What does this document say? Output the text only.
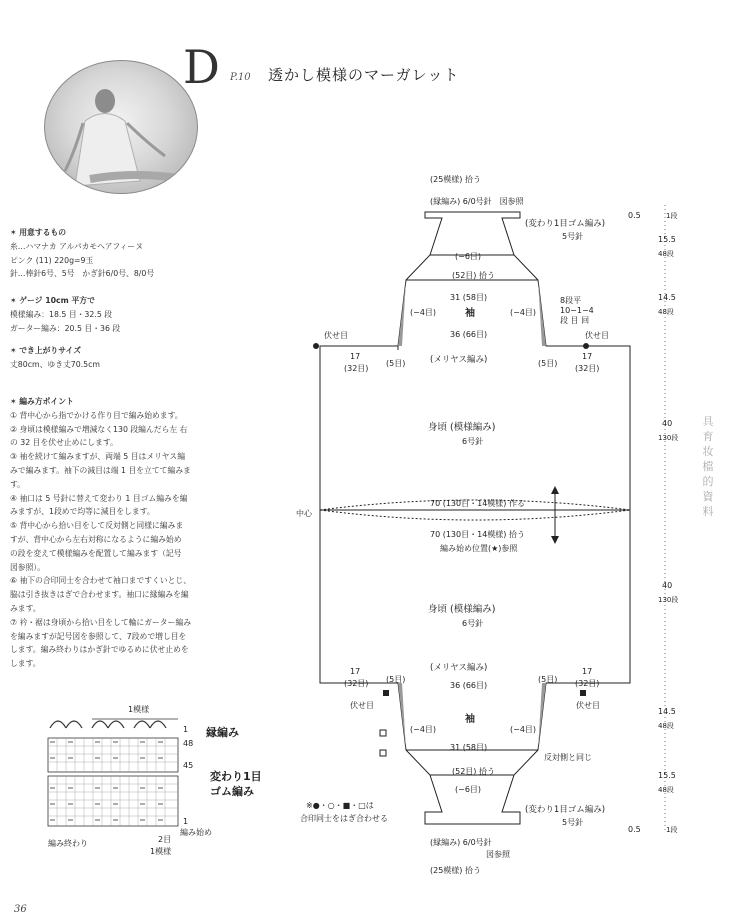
D P.10 透かし模様のマーガレット
✶ 用意するもの
糸…ハマナカ アルパカモヘアフィーヌ
ピンク (11) 220g=9玉
針…棒針6号、5号　かぎ針6/0号、8/0号
✶ ゲージ 10cm 平方で
模様編み：18.5 目・32.5 段
ガーター編み：20.5 目・36 段
✶ でき上がりサイズ
丈80cm、ゆき丈70.5cm
✶ 編み方ポイント
① 背中心から指でかける作り目で編み始めます。
② 身頃は模様編みで増減なく130 段編んだら左 右
の 32 目を伏せ止めにします。
③ 袖を続けて編みますが、両端 5 目はメリヤス編
みで編みます。袖下の減目は端 1 目を立てて編みま
す。
④ 袖口は 5 号針に替えて変わり 1 目ゴム編みを編
みますが、1段めで均等に減目をします。
⑤ 背中心から拾い目をして反対側と同様に編みま
すが、背中心から左右対称になるように編み始め
の段を変えて模様編みを配置して編みます（記号
図参照）。
⑥ 袖下の合印同士を合わせて袖口まですくいとじ、
脇は引き抜きはぎで合わせます。袖口に縁編みを編
みます。
⑦ 衿・裾は身頃から拾い目をして輪にガーター編み
を編みますが記号図を参照して、7段めで増し目を
します。編み終わりはかぎ針でゆるめに伏せ止めを
します。
1模様
1
48
45
1
縁編み
変わり1目
ゴム編み
編み始め
編み終わり	2目
1模様
(25模様) 拾う
(縁編み) 6/0号針　図参照
(変わり1目ゴム編み)
5号針
(−6目)
(52目) 拾う
31 (58目)	8段平
10−1−4
段 目 回
(−4目)	(−4目)
袖
36 (66目)
伏せ目	伏せ目
17
(32目)
(5目)	(メリヤス編み)	(5目)
17
(32目)
身頃 (模様編み)
6号針
中心
70 (130目・14模様) 作る
70 (130目・14模様) 拾う
編み始め位置(★)参照
身頃 (模様編み)
6号針
(メリヤス編み)
17
(32目) (5目)
36 (66目)
(5目)
17
(32目)
伏せ目	伏せ目
袖
(−4目)	(−4目)
31 (58目)
反対側と同じ
(52目) 拾う
(−6目)
(変わり1目ゴム編み)
5号針
(縁編み) 6/0号針
図参照
(25模様) 拾う
※●・○・■・□は
合印同士をはぎ合わせる
0.5	1段
15.5
48段
14.5
48段
40
130段
40
130段
14.5
48段
15.5
48段
0.5	1段
具育妆檔的資料
36
